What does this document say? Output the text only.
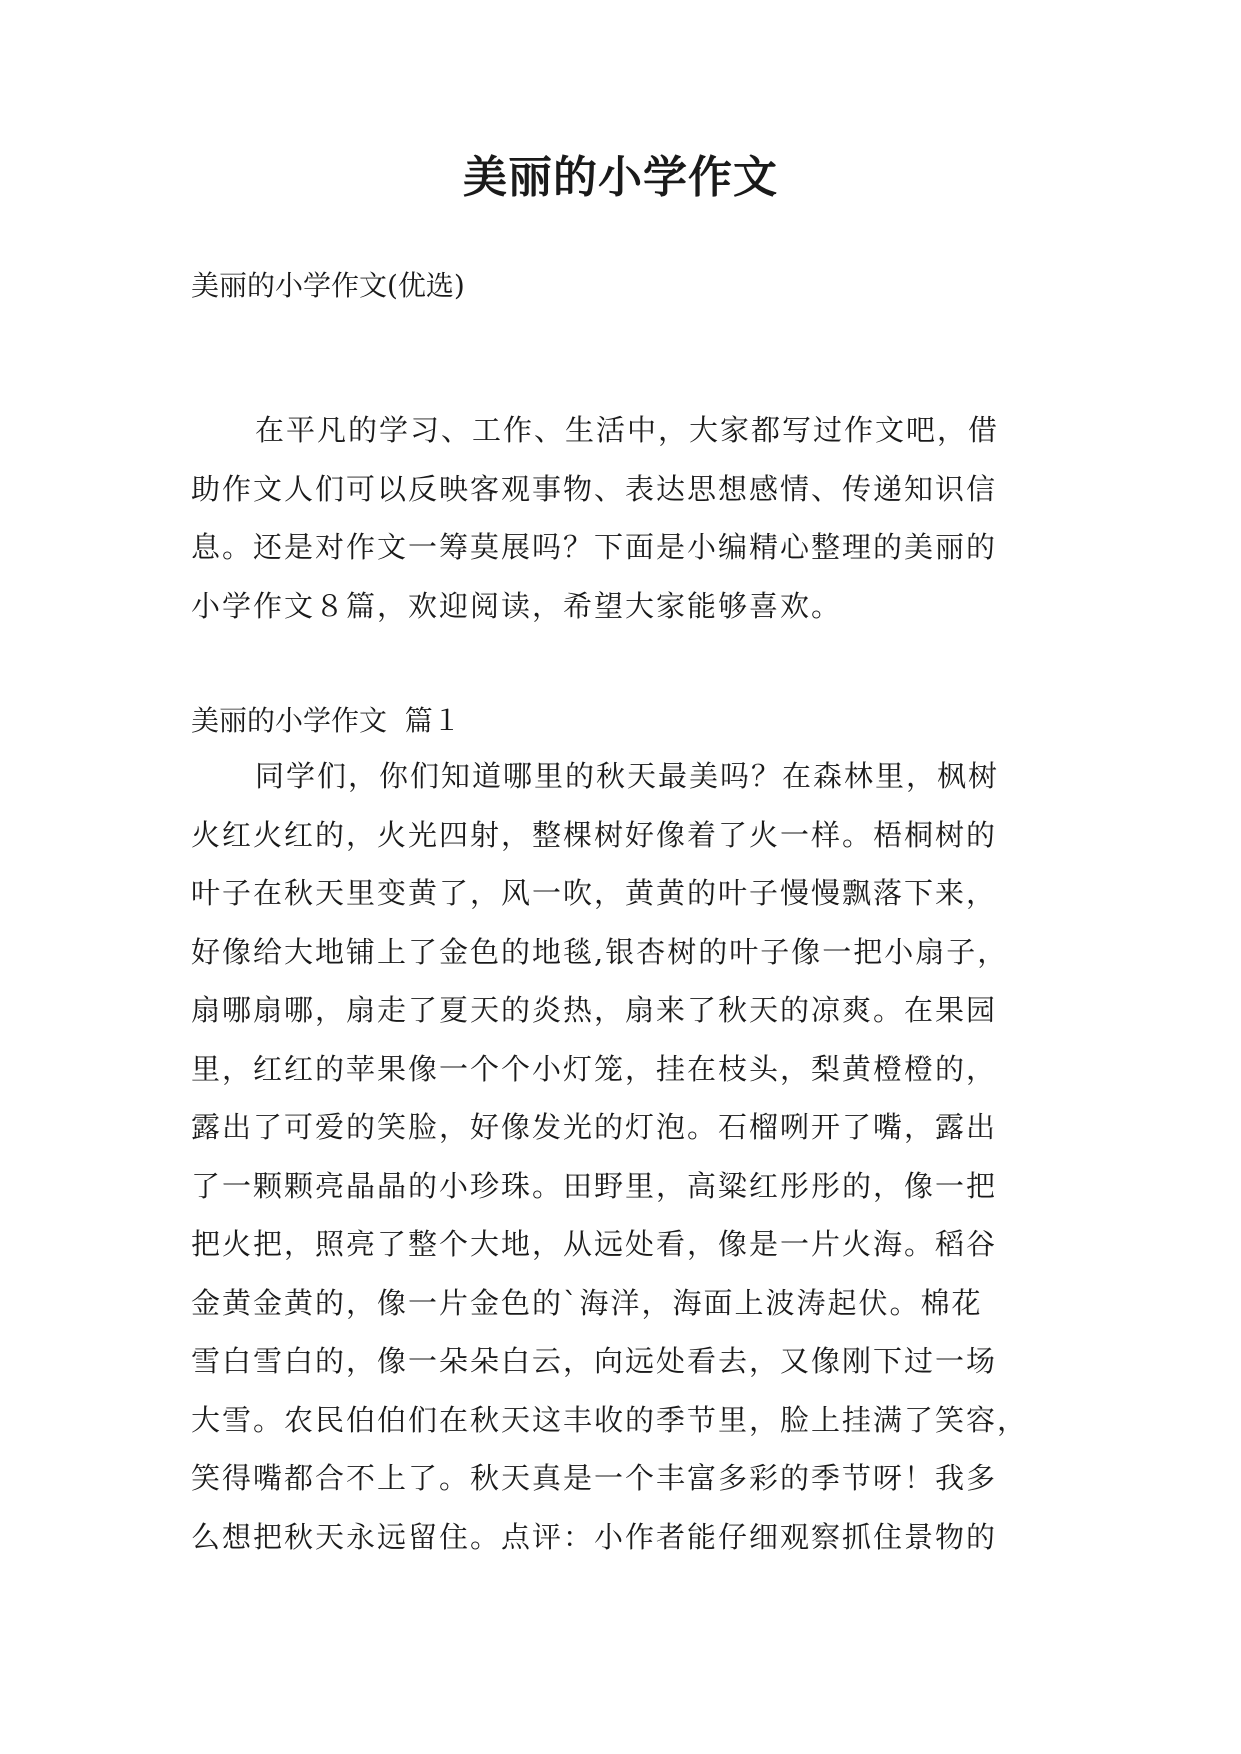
美丽的小学作文
美丽的小学作文(优选)

在平凡的学习、工作、生活中，大家都写过作文吧，借
助作文人们可以反映客观事物、表达思想感情、传递知识信
息。还是对作文一筹莫展吗？下面是小编精心整理的美丽的
小学作文８篇，欢迎阅读，希望大家能够喜欢。

美丽的小学作文  篇１

同学们，你们知道哪里的秋天最美吗？在森林里，枫树
火红火红的，火光四射，整棵树好像着了火一样。梧桐树的
叶子在秋天里变黄了，风一吹，黄黄的叶子慢慢飘落下来，
好像给大地铺上了金色的地毯,银杏树的叶子像一把小扇子，
扇哪扇哪，扇走了夏天的炎热，扇来了秋天的凉爽。在果园
里，红红的苹果像一个个小灯笼，挂在枝头，梨黄橙橙的，
露出了可爱的笑脸，好像发光的灯泡。石榴咧开了嘴，露出
了一颗颗亮晶晶的小珍珠。田野里，高粱红彤彤的，像一把
把火把，照亮了整个大地，从远处看，像是一片火海。稻谷
金黄金黄的，像一片金色的`海洋，海面上波涛起伏。棉花
雪白雪白的，像一朵朵白云，向远处看去，又像刚下过一场
大雪。农民伯伯们在秋天这丰收的季节里，脸上挂满了笑容，
笑得嘴都合不上了。秋天真是一个丰富多彩的季节呀！我多
么想把秋天永远留住。点评：小作者能仔细观察抓住景物的
